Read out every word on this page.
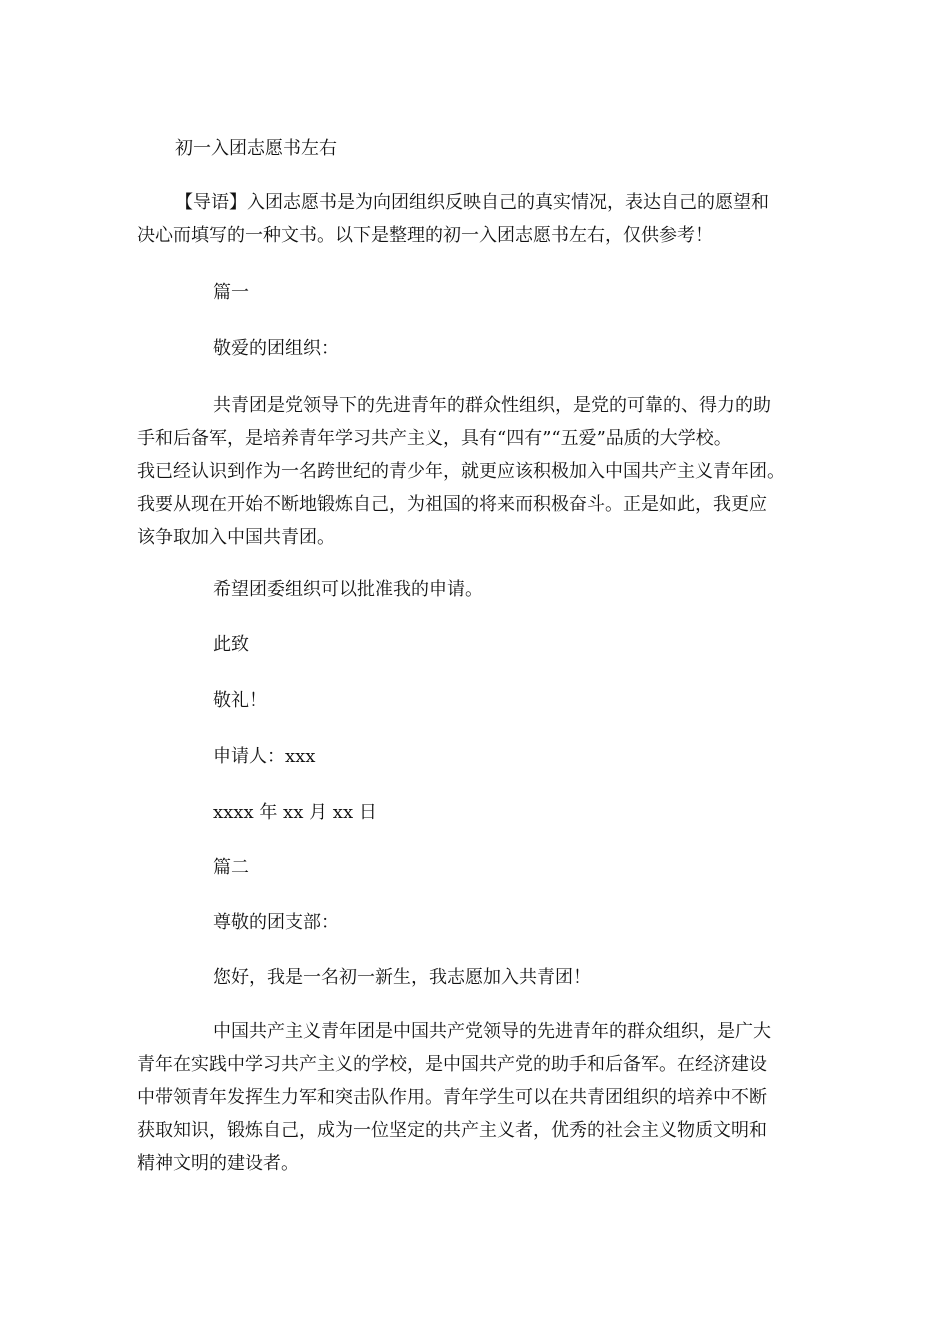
初一入团志愿书左右

【导语】入团志愿书是为向团组织反映自己的真实情况，表达自己的愿望和

决心而填写的一种文书。以下是整理的初一入团志愿书左右，仅供参考！

篇一

敬爱的团组织：

共青团是党领导下的先进青年的群众性组织，是党的可靠的、得力的助

手和后备军，是培养青年学习共产主义，具有“四有”“五爱”品质的大学校。

我已经认识到作为一名跨世纪的青少年，就更应该积极加入中国共产主义青年团。

我要从现在开始不断地锻炼自己，为祖国的将来而积极奋斗。正是如此，我更应

该争取加入中国共青团。

希望团委组织可以批准我的申请。

此致

敬礼！

申请人：xxx

xxxx 年 xx 月 xx 日

篇二

尊敬的团支部：

您好，我是一名初一新生，我志愿加入共青团！

中国共产主义青年团是中国共产党领导的先进青年的群众组织，是广大

青年在实践中学习共产主义的学校，是中国共产党的助手和后备军。在经济建设

中带领青年发挥生力军和突击队作用。青年学生可以在共青团组织的培养中不断

获取知识，锻炼自己，成为一位坚定的共产主义者，优秀的社会主义物质文明和

精神文明的建设者。
